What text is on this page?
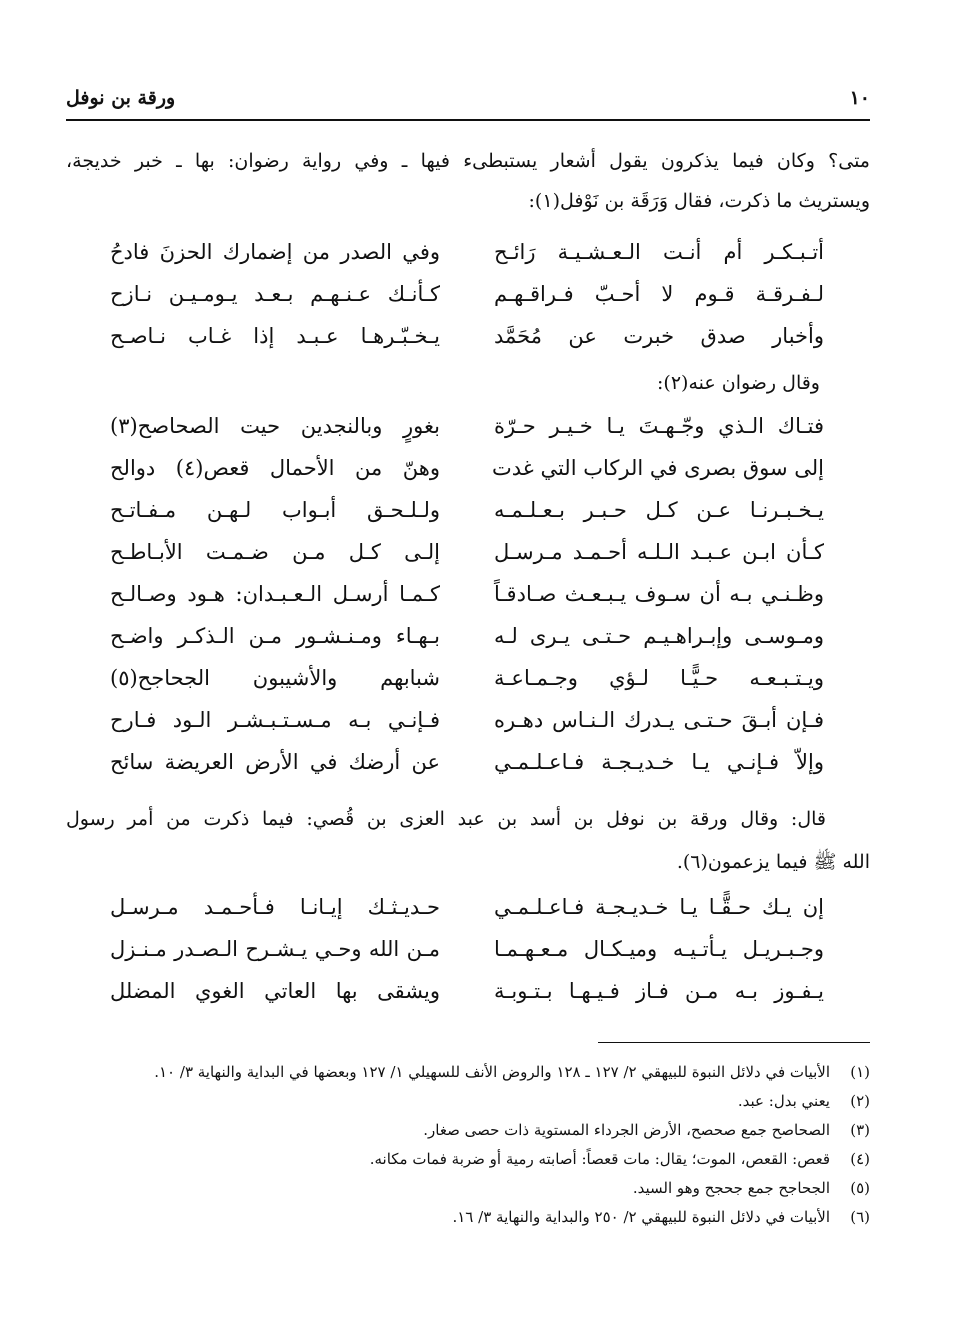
١٠
ورقة بن نوفل
متى؟ وكان فيما يذكرون يقول أشعار يستبطىء فيها ـ وفي رواية رضوان: بها ـ خبر خديجة،
ويستريث ما ذكرت، فقال وَرَقَة بن نَوْفل(١):
أتـبـكـر أم أنـت الـعـشـيـة رَائـح
وفي الصدر من إضمارك الحزنَ فادحُ
لـفـرقـة قـوم لا أحـبّ فـراقـهـم
كـأنـك عـنـهـم بـعـد يـومـيـن نـازح
وأخبار صدق خبرت عن مُحَمَّد
يـخـبّـرهـا عـبـد إذا غـاب نـاصـح
وقال رضوان عنه(٢):
فتـاك الـذي وجّـهـتَ يـا خـيـر حـرّة
بغورٍ وبالنجدين حيت الصحاصح(٣)
إلى سوق بصرى في الركاب التي غدت
وهنّ من الأحمال قعص(٤) دوالح
يـخـبـرنـا عـن كـل حـبـر بـعـلـمـه
ولـلـحـق أبـواب لـهـن مـفـاتـح
كـأن ابـن عـبـد الـلـه أحـمـد مـرسـل
إلـى كـل مـن ضـمـت الأبـاطـح
وظـنـي بـه أن سـوف يـبـعـث صـادقـاً
كـمـا أرسـل الـعـبـدان: هـود وصـالـح
ومـوسـى وإبـراهـيـم حـتـى يـرى لـه
بـهـاء ومـنـشـور مـن الـذكـر واضـح
ويـتـبـعـه حـيًّـا لـؤي وجـمـاعـة
شبابهم والأشيبون الجحاجح(٥)
فـإن أبـقَ حـتـى يـدرك الـنـاس دهـره
فـإنـي بـه مـسـتـبـشـر الـود فـارح
وإلاّ فـإنـي يـا خـديـجـة فـاعـلـمـي
عن أرضك في الأرض العريضة سائح
قال: وقال ورقة بن نوفل بن أسد بن عبد العزى بن قُصي: فيما ذكرت من أمر رسول
الله ﷺ فيما يزعمون(٦).
إن يـك حـقًّـا يـا خـديـجـة فـاعـلـمـي
حـديـثـك إيـانـا فـأحـمـد مـرسـل
وجـبـريـل يـأتـيـه وميـكـال مـعـهـمـا
مـن الله وحـي يـشـرح الـصـدر مـنـزل
يـفـوز بـه مـن فـاز فـيـهـا بـتـوبـة
ويشقى بها العاتي الغوي المضلل
(١)
الأبيات في دلائل النبوة للبيهقي ٢/ ١٢٧ ـ ١٢٨ والروض الأنف للسهيلي ١/ ١٢٧ وبعضها في البداية والنهاية ٣/ ١٠.
(٢)
يعني بدل: عبد.
(٣)
الصحاصح جمع صحصح، الأرض الجرداء المستوية ذات حصى صغار.
(٤)
قعص: القعص، الموت؛ يقال: مات قعصاً: أصابته رمية أو ضربة فمات مكانه.
(٥)
الجحاجح جمع جحجح وهو السيد.
(٦)
الأبيات في دلائل النبوة للبيهقي ٢/ ٢٥٠ والبداية والنهاية ٣/ ١٦.
